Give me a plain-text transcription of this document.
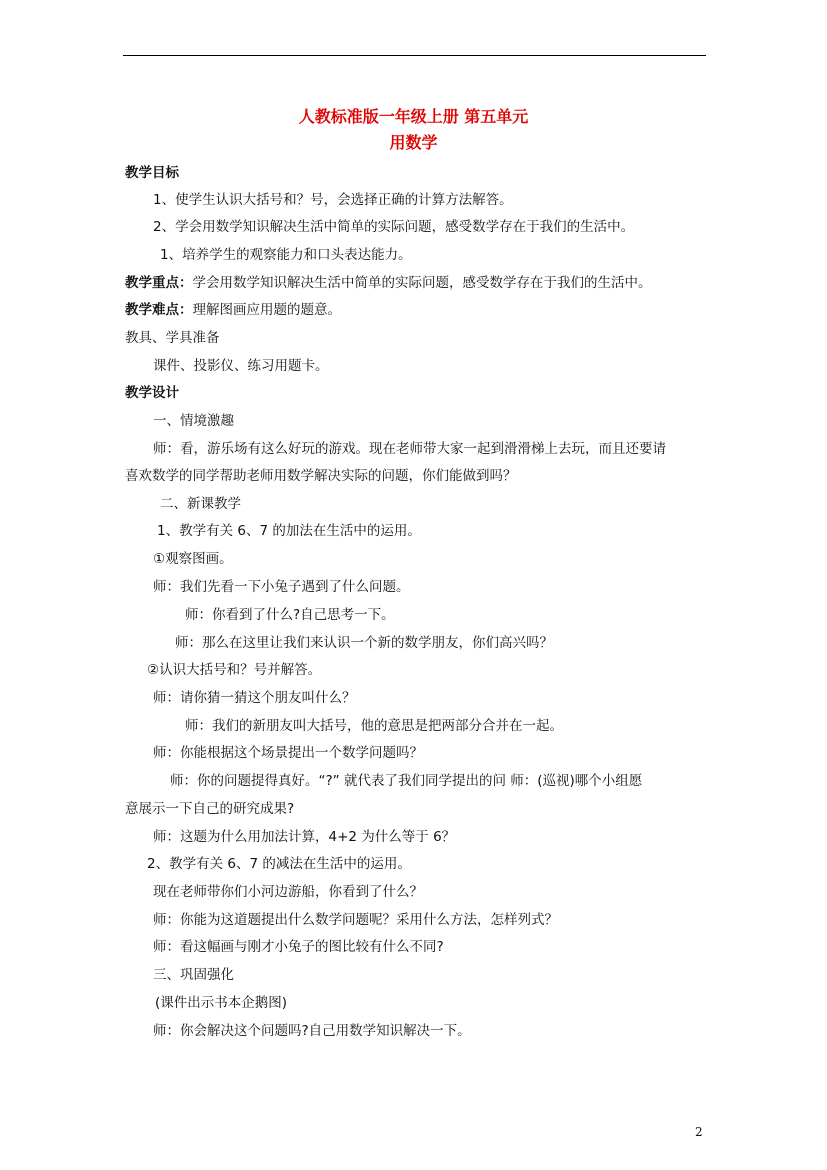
人教标准版一年级上册 第五单元
用数学
教学目标
1、使学生认识大括号和？号，会选择正确的计算方法解答。
2、学会用数学知识解决生活中简单的实际问题，感受数学存在于我们的生活中。
1、培养学生的观察能力和口头表达能力。
教学重点：学会用数学知识解决生活中简单的实际问题，感受数学存在于我们的生活中。
教学难点：理解图画应用题的题意。
教具、学具准备
课件、投影仪、练习用题卡。
教学设计
一、情境激趣
师：看，游乐场有这么好玩的游戏。现在老师带大家一起到滑滑梯上去玩，而且还要请
喜欢数学的同学帮助老师用数学解决实际的问题，你们能做到吗？
二、新课教学
1、教学有关 6、7 的加法在生活中的运用。
①观察图画。
师：我们先看一下小兔子遇到了什么问题。
师：你看到了什么?自己思考一下。
师：那么在这里让我们来认识一个新的数学朋友，你们高兴吗？
②认识大括号和？号并解答。
师：请你猜一猜这个朋友叫什么？
师：我们的新朋友叫大括号，他的意思是把两部分合并在一起。
师：你能根据这个场景提出一个数学问题吗？
师：你的问题提得真好。“?” 就代表了我们同学提出的问 师：(巡视)哪个小组愿
意展示一下自己的研究成果?
师：这题为什么用加法计算，4+2 为什么等于 6？
2、教学有关 6、7 的减法在生活中的运用。
现在老师带你们小河边游船，你看到了什么？
师：你能为这道题提出什么数学问题呢？采用什么方法，怎样列式？
师：看这幅画与刚才小兔子的图比较有什么不同?
三、巩固强化
(课件出示书本企鹅图)
师：你会解决这个问题吗?自己用数学知识解决一下。
2
